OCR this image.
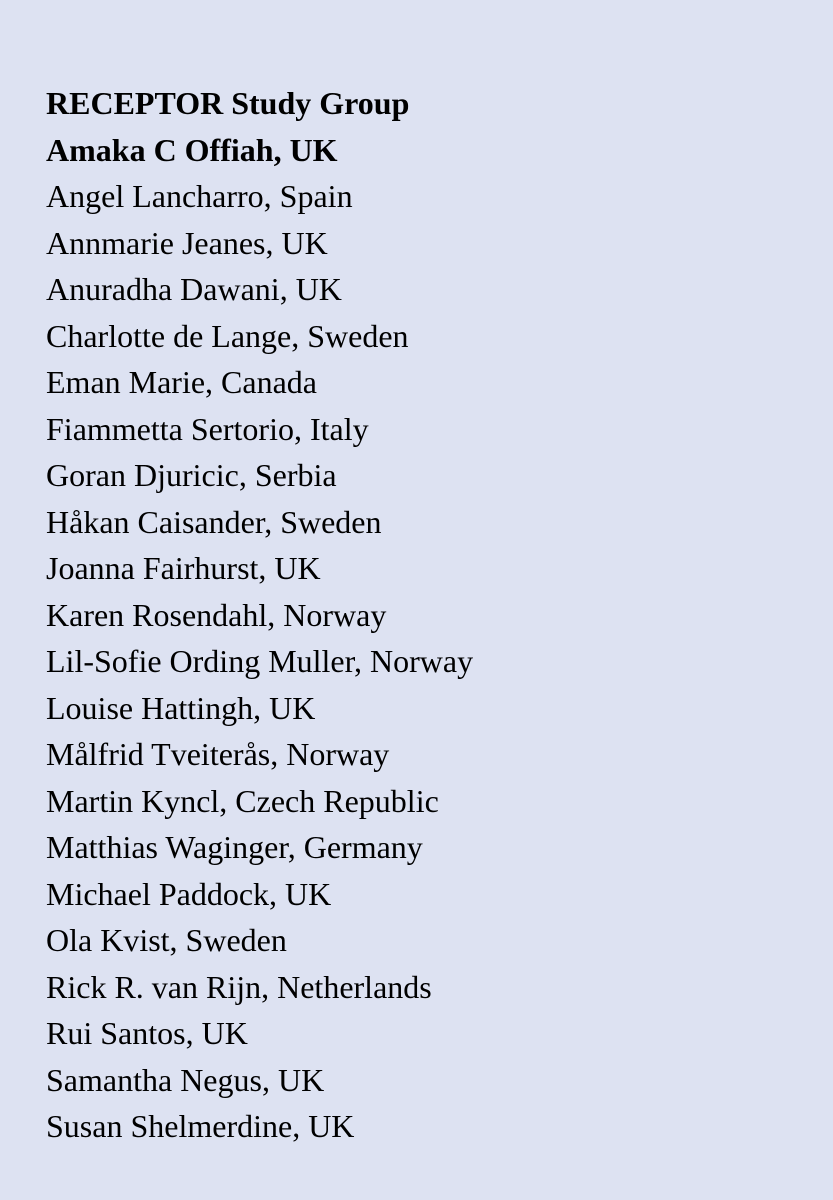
RECEPTOR Study Group
Amaka C Offiah, UK
Angel Lancharro, Spain
Annmarie Jeanes, UK
Anuradha Dawani, UK
Charlotte de Lange, Sweden
Eman Marie, Canada
Fiammetta Sertorio, Italy
Goran Djuricic, Serbia
Håkan Caisander, Sweden
Joanna Fairhurst, UK
Karen Rosendahl, Norway
Lil-Sofie Ording Muller, Norway
Louise Hattingh, UK
Målfrid Tveiterås, Norway
Martin Kyncl, Czech Republic
Matthias Waginger, Germany
Michael Paddock, UK
Ola Kvist, Sweden
Rick R. van Rijn, Netherlands
Rui Santos, UK
Samantha Negus, UK
Susan Shelmerdine, UK
